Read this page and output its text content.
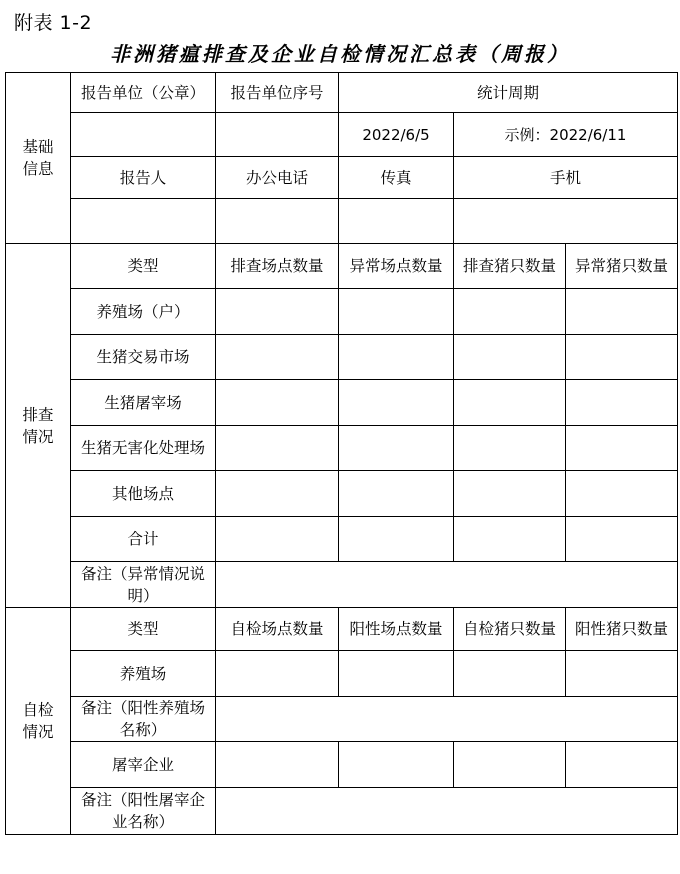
附表 1-2
非洲猪瘟排查及企业自检情况汇总表（周报）
基础
信息	报告单位（公章）	报告单位序号	统计周期		
			2022/6/5	示例：2022/6/11	
	报告人	办公电话	传真	手机	

排查
情况	类型	排查场点数量	异常场点数量	排查猪只数量	异常猪只数量
	养殖场（户）				
	生猪交易市场				
	生猪屠宰场				
	生猪无害化处理场				
	其他场点				
	合计				
	备注（异常情况说明）				
自检
情况	类型	自检场点数量	阳性场点数量	自检猪只数量	阳性猪只数量
	养殖场				
	备注（阳性养殖场名称）				
	屠宰企业				
	备注（阳性屠宰企业名称）				
